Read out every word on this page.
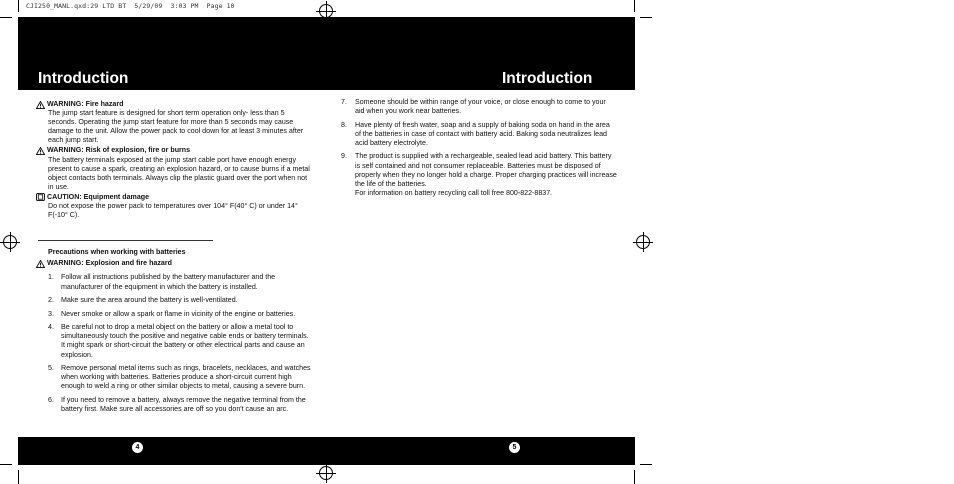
CJI250_MANL.qxd:29 LTD BT  5/29/09  3:03 PM  Page 10
Introduction	Introduction
4	5
WARNING: Fire hazard
The jump start feature is designed for short term operation only- less than 5 seconds. Operating the jump start feature for more than 5 seconds may cause damage to the unit. Allow the power pack to cool down for at least 3 minutes after each jump start.
WARNING: Risk of explosion, fire or burns
The battery terminals exposed at the jump start cable port have enough energy present to cause a spark, creating an explosion hazard, or to cause burns if a metal object contacts both terminals. Always clip the plastic guard over the port when not in use.
CAUTION: Equipment damage
Do not expose the power pack to temperatures over 104° F(40° C) or under 14° F(-10° C).
Precautions when working with batteries
WARNING: Explosion and fire hazard
1. Follow all instructions published by the battery manufacturer and the manufacturer of the equipment in which the battery is installed.
2. Make sure the area around the battery is well-ventilated.
3. Never smoke or allow a spark or flame in vicinity of the engine or batteries.
4. Be careful not to drop a metal object on the battery or allow a metal tool to simultaneously touch the positive and negative cable ends or battery terminals. It might spark or short-circuit the battery or other electrical parts and cause an explosion.
5. Remove personal metal items such as rings, bracelets, necklaces, and watches when working with batteries. Batteries produce a short-circuit current high enough to weld a ring or other similar objects to metal, causing a severe burn.
6. If you need to remove a battery, always remove the negative terminal from the battery first. Make sure all accessories are off so you don't cause an arc.
7.	Someone should be within range of your voice, or close enough to come to your aid when you work near batteries.
8.	Have plenty of fresh water, soap and a supply of baking soda on hand in the area of the batteries in case of contact with battery acid. Baking soda neutralizes lead acid battery electrolyte.
9.	The product is supplied with a rechargeable, sealed lead acid battery. This battery is self contained and not consumer replaceable. Batteries must be disposed of properly when they no longer hold a charge. Proper charging practices will increase the life of the batteries.
For information on battery recycling call toll free 800-822-8837.
